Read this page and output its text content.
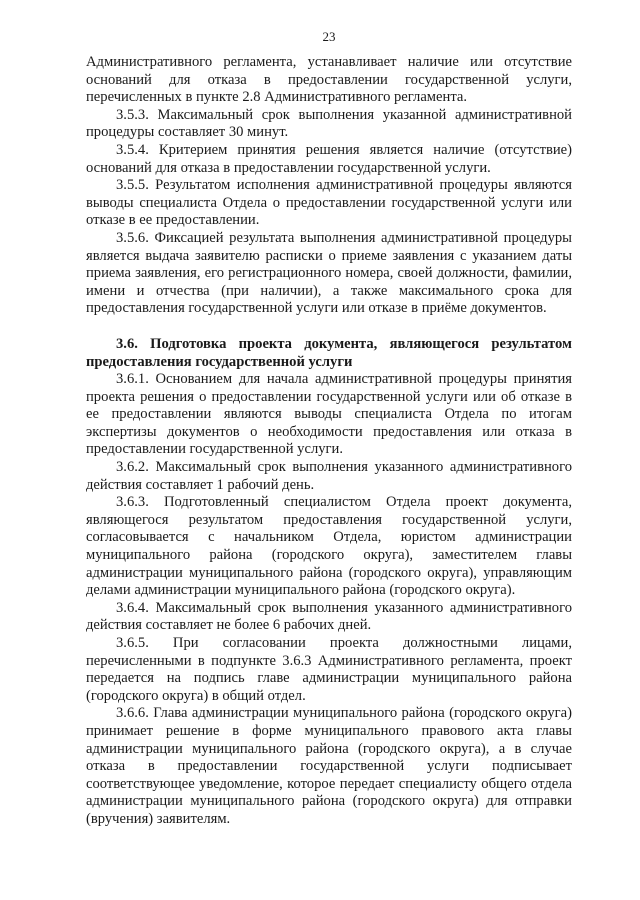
23

Административного регламента, устанавливает наличие или отсутствие оснований для отказа в предоставлении государственной услуги, перечисленных в пункте 2.8 Административного регламента.

3.5.3. Максимальный срок выполнения указанной административной процедуры составляет 30 минут.

3.5.4. Критерием принятия решения является наличие (отсутствие) оснований для отказа в предоставлении государственной услуги.

3.5.5. Результатом исполнения административной процедуры являются выводы специалиста Отдела о предоставлении государственной услуги или отказе в ее предоставлении.

3.5.6. Фиксацией результата выполнения административной процедуры является выдача заявителю расписки о приеме заявления с указанием даты приема заявления, его регистрационного номера, своей должности, фамилии, имени и отчества (при наличии), а также максимального срока для предоставления государственной услуги или отказе в приёме документов.

3.6. Подготовка проекта документа, являющегося результатом предоставления государственной услуги

3.6.1. Основанием для начала административной процедуры принятия проекта решения о предоставлении государственной услуги или об отказе в ее предоставлении являются выводы специалиста Отдела по итогам экспертизы документов о необходимости предоставления или отказа в предоставлении государственной услуги.

3.6.2. Максимальный срок выполнения указанного административного действия составляет 1 рабочий день.

3.6.3. Подготовленный специалистом Отдела проект документа, являющегося результатом предоставления государственной услуги, согласовывается с начальником Отдела, юристом администрации муниципального района (городского округа), заместителем главы администрации муниципального района (городского округа), управляющим делами администрации муниципального района (городского округа).

3.6.4. Максимальный срок выполнения указанного административного действия составляет не более 6 рабочих дней.

3.6.5. При согласовании проекта должностными лицами, перечисленными в подпункте 3.6.3 Административного регламента, проект передается на подпись главе администрации муниципального района (городского округа) в общий отдел.

3.6.6. Глава администрации муниципального района (городского округа) принимает решение в форме муниципального правового акта главы администрации муниципального района (городского округа), а в случае отказа в предоставлении государственной услуги подписывает соответствующее уведомление, которое передает специалисту общего отдела администрации муниципального района (городского округа) для отправки (вручения) заявителям.
